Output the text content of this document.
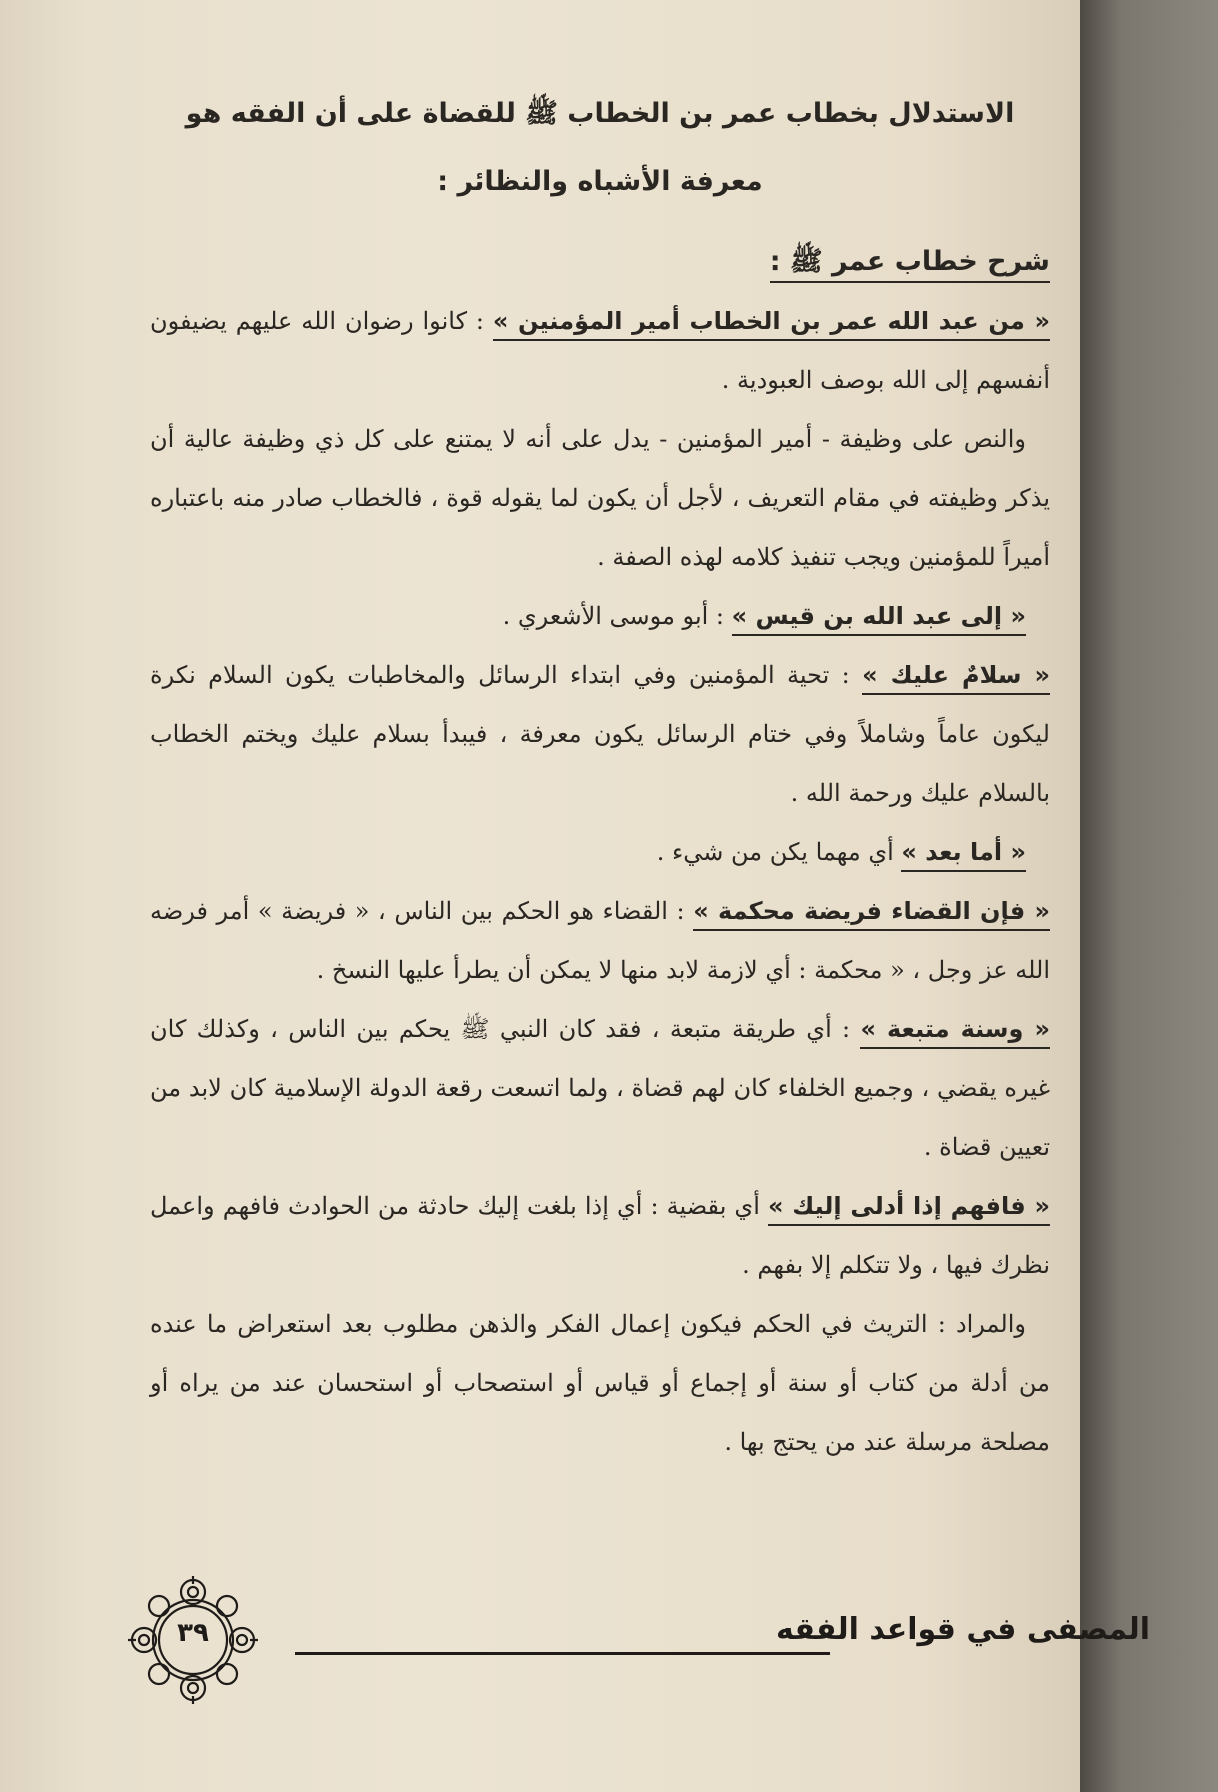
الاستدلال بخطاب عمر بن الخطاب ﷺ للقضاة على أن الفقه هو معرفة الأشباه والنظائر :

شرح خطاب عمر ﷺ :

« من عبد الله عمر بن الخطاب أمير المؤمنين » : كانوا رضوان الله عليهم يضيفون أنفسهم إلى الله بوصف العبودية .

والنص على وظيفة - أمير المؤمنين - يدل على أنه لا يمتنع على كل ذي وظيفة عالية أن يذكر وظيفته في مقام التعريف ، لأجل أن يكون لما يقوله قوة ، فالخطاب صادر منه باعتباره أميراً للمؤمنين ويجب تنفيذ كلامه لهذه الصفة .

« إلى عبد الله بن قيس » : أبو موسى الأشعري .

« سلامٌ عليك » : تحية المؤمنين وفي ابتداء الرسائل والمخاطبات يكون السلام نكرة ليكون عاماً وشاملاً وفي ختام الرسائل يكون معرفة ، فيبدأ بسلام عليك ويختم الخطاب بالسلام عليك ورحمة الله .

« أما بعد » أي مهما يكن من شيء .

« فإن القضاء فريضة محكمة » : القضاء هو الحكم بين الناس ، « فريضة » أمر فرضه الله عز وجل ، « محكمة : أي لازمة لابد منها لا يمكن أن يطرأ عليها النسخ .

« وسنة متبعة » : أي طريقة متبعة ، فقد كان النبي ﷺ يحكم بين الناس ، وكذلك كان غيره يقضي ، وجميع الخلفاء كان لهم قضاة ، ولما اتسعت رقعة الدولة الإسلامية كان لابد من تعيين قضاة .

« فافهم إذا أدلى إليك » أي بقضية : أي إذا بلغت إليك حادثة من الحوادث فافهم واعمل نظرك فيها ، ولا تتكلم إلا بفهم .

والمراد : التريث في الحكم فيكون إعمال الفكر والذهن مطلوب بعد استعراض ما عنده من أدلة من كتاب أو سنة أو إجماع أو قياس أو استصحاب أو استحسان عند من يراه أو مصلحة مرسلة عند من يحتج بها .

المصفى في قواعد الفقه
٣٩
